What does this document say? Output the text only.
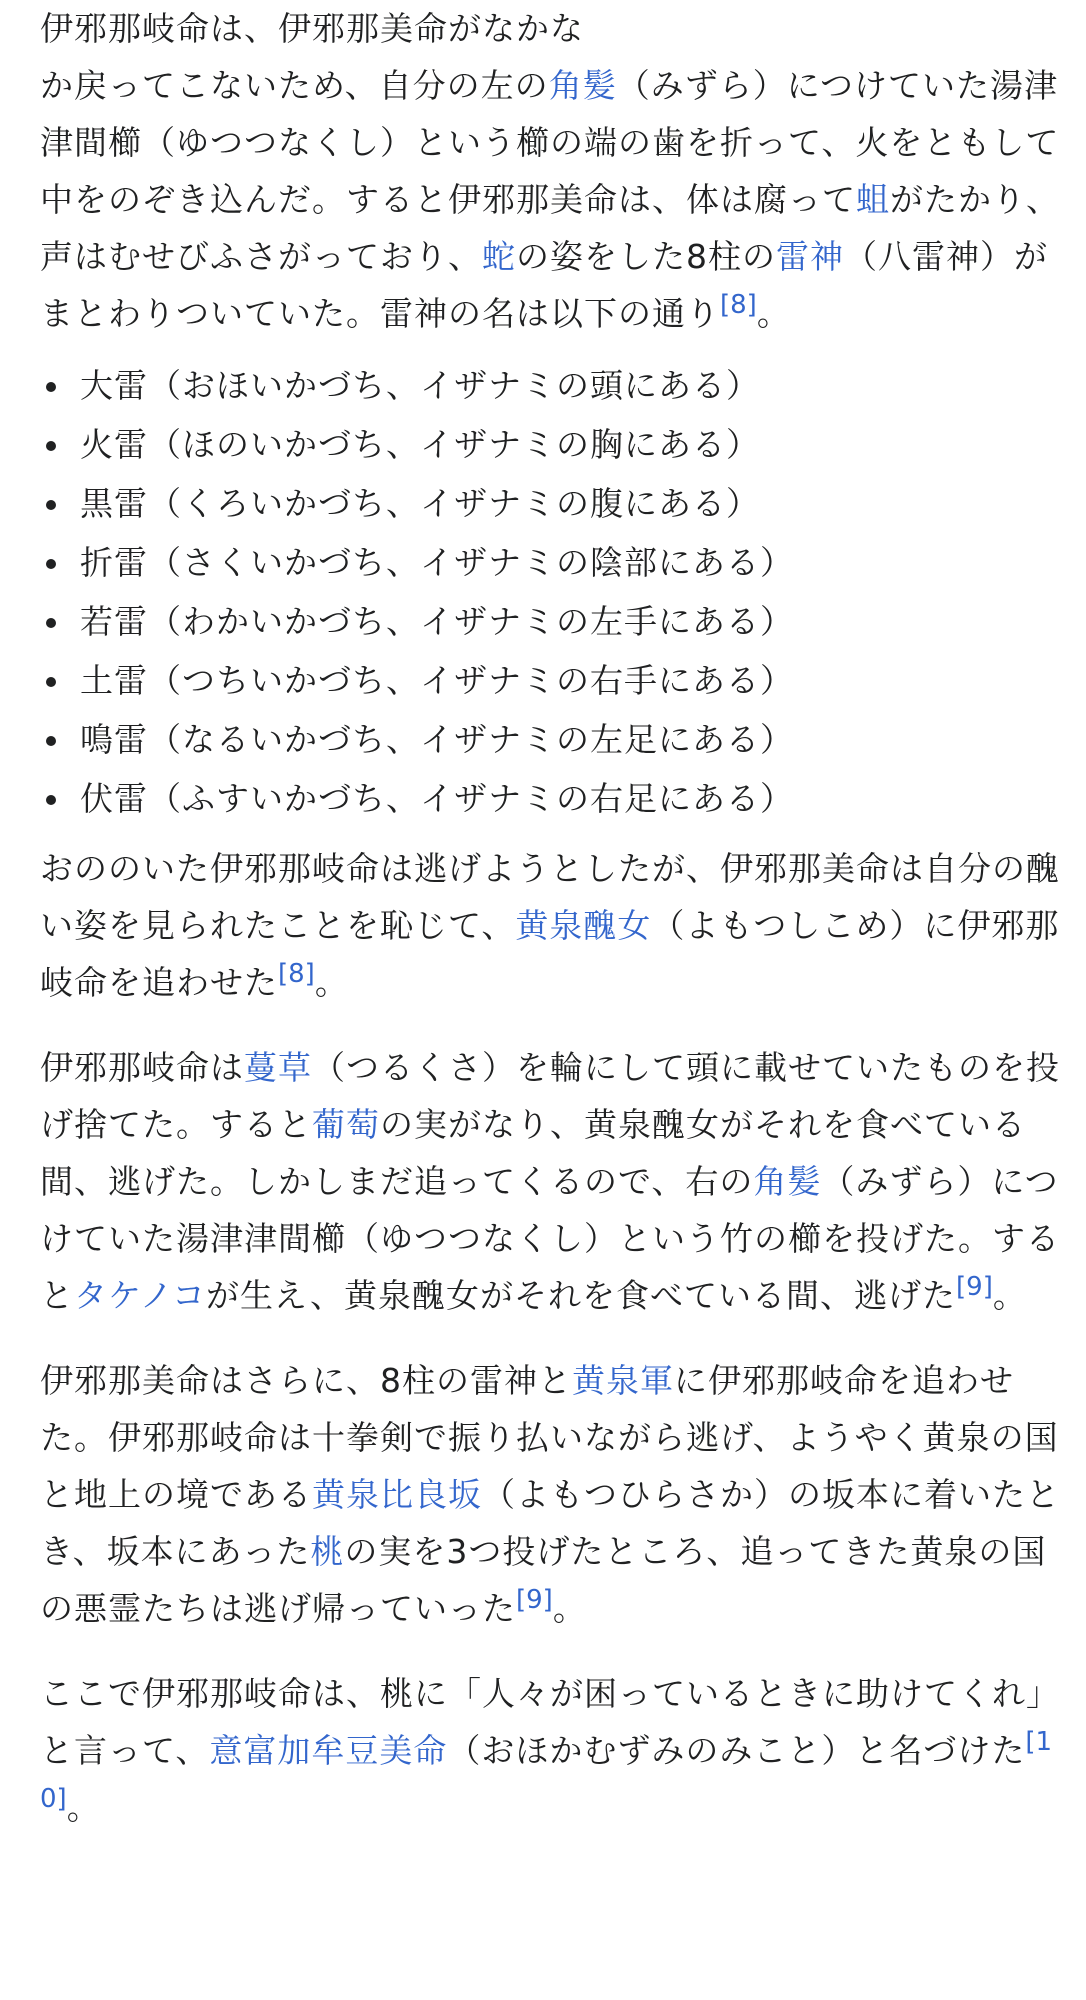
伊邪那岐命は、伊邪那美命がなかな
か戻ってこないため、自分の左の角髪（みずら）につけていた湯津津間櫛（ゆつつなくし）という櫛の端の歯を折って、火をともして中をのぞき込んだ。すると伊邪那美命は、体は腐って蛆がたかり、声はむせびふさがっており、蛇の姿をした8柱の雷神（八雷神）がまとわりついていた。雷神の名は以下の通り[8]。

大雷（おほいかづち、イザナミの頭にある）
火雷（ほのいかづち、イザナミの胸にある）
黒雷（くろいかづち、イザナミの腹にある）
折雷（さくいかづち、イザナミの陰部にある）
若雷（わかいかづち、イザナミの左手にある）
土雷（つちいかづち、イザナミの右手にある）
鳴雷（なるいかづち、イザナミの左足にある）
伏雷（ふすいかづち、イザナミの右足にある）

おののいた伊邪那岐命は逃げようとしたが、伊邪那美命は自分の醜い姿を見られたことを恥じて、黄泉醜女（よもつしこめ）に伊邪那岐命を追わせた[8]。

伊邪那岐命は蔓草（つるくさ）を輪にして頭に載せていたものを投げ捨てた。すると葡萄の実がなり、黄泉醜女がそれを食べている間、逃げた。しかしまだ追ってくるので、右の角髪（みずら）につけていた湯津津間櫛（ゆつつなくし）という竹の櫛を投げた。するとタケノコが生え、黄泉醜女がそれを食べている間、逃げた[9]。

伊邪那美命はさらに、8柱の雷神と黄泉軍に伊邪那岐命を追わせた。伊邪那岐命は十拳剣で振り払いながら逃げ、ようやく黄泉の国と地上の境である黄泉比良坂（よもつひらさか）の坂本に着いたとき、坂本にあった桃の実を3つ投げたところ、追ってきた黄泉の国の悪霊たちは逃げ帰っていった[9]。

ここで伊邪那岐命は、桃に「人々が困っているときに助けてくれ」と言って、意富加牟豆美命（おほかむずみのみこと）と名づけた[10]。
